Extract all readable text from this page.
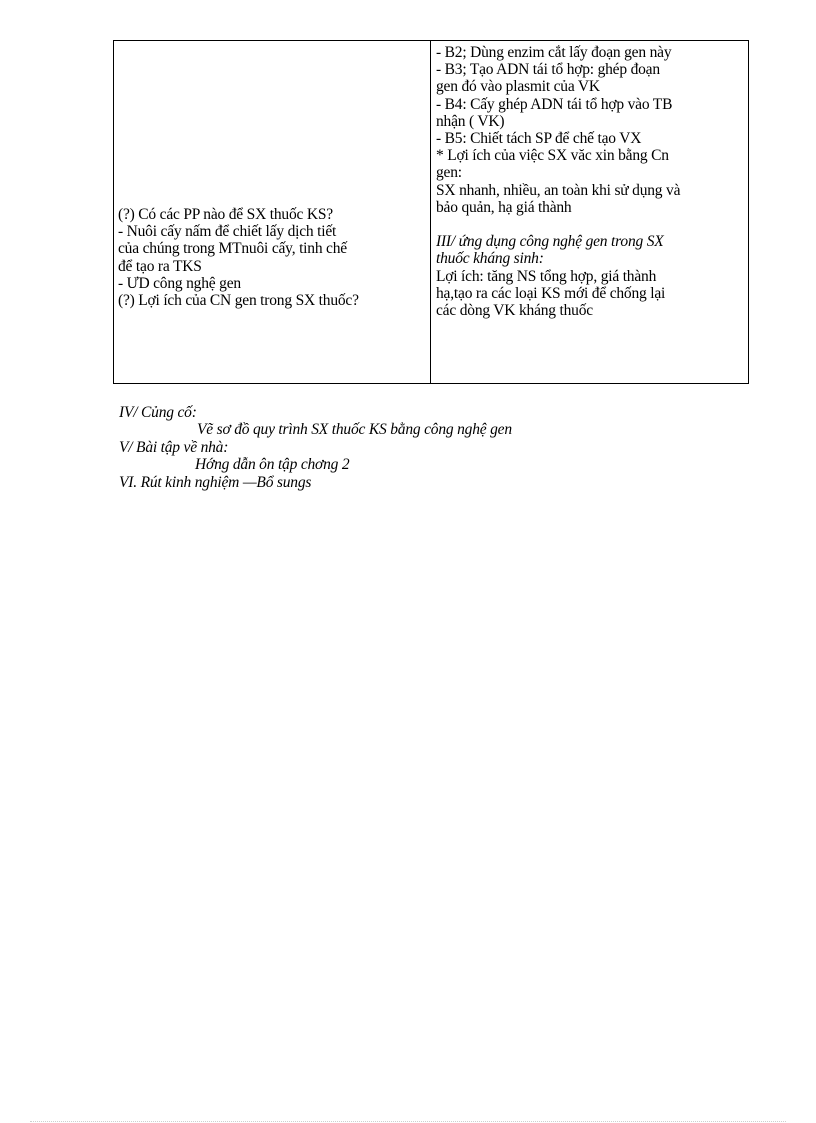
(?) Có các PP nào để SX thuốc KS?
- Nuôi cấy nấm để chiết lấy dịch tiết
của chúng trong MTnuôi cấy, tinh chế
để tạo ra TKS
- ƯD công nghệ gen
(?) Lợi ích của CN gen trong SX thuốc?
- B2; Dùng enzim cắt lấy đoạn gen này
- B3; Tạo ADN tái tổ hợp: ghép đoạn
gen đó vào plasmit của VK
- B4: Cấy ghép ADN tái tổ hợp vào TB
nhận ( VK)
- B5: Chiết tách SP để chế tạo VX
* Lợi ích của việc SX văc xin bằng Cn
gen:
SX nhanh, nhiều, an toàn khi sử dụng và
bảo quản, hạ giá thành
III/ ứng dụng công nghệ gen trong SX
thuốc kháng sinh:
Lợi ích: tăng NS tổng hợp, giá thành
hạ,tạo ra các loại KS mới để chống lại
các dòng VK kháng thuốc
IV/ Củng cố:
Vẽ sơ đồ quy trình SX thuốc KS bằng công nghệ gen
V/ Bài tập về nhà:
Hớng dẫn ôn tập chơng 2
VI. Rút kinh nghiệm —Bổ sungs
